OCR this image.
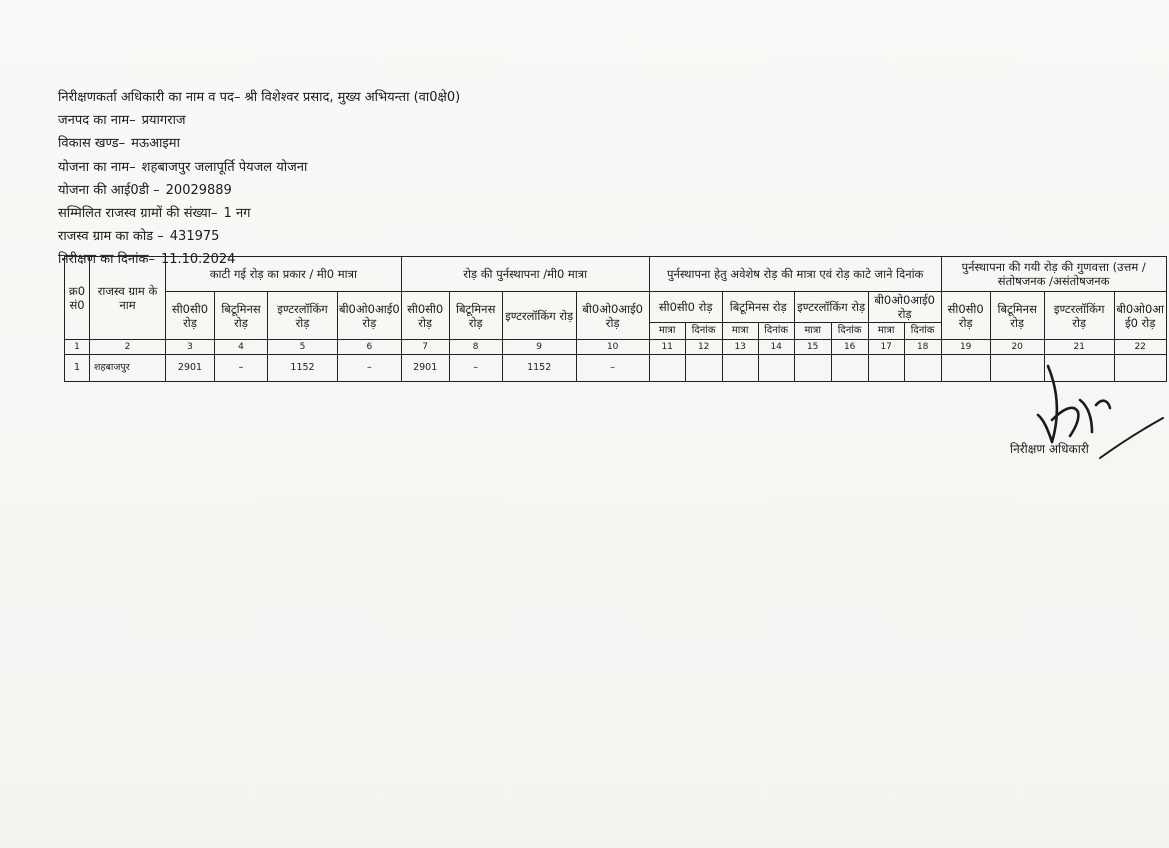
निरीक्षणकर्ता अधिकारी का नाम व पद– श्री विशेश्वर प्रसाद, मुख्य अभियन्ता (वा0क्षे0)
जनपद का नाम– प्रयागराज
विकास खण्ड– मऊआइमा
योजना का नाम– शहबाजपुर जलापूर्ति पेयजल योजना
योजना की आई0डी – 20029889
सम्मिलित राजस्व ग्रामों की संख्या– 1 नग
राजस्व ग्राम का कोड – 431975
निरीक्षण का दिनांक– 11.10.2024
क्र0 सं0	राजस्व ग्राम के नाम	काटी गई रोड़ का प्रकार / मी0 मात्रा				रोड़ की पुर्नस्थापना /मी0 मात्रा				पुर्नस्थापना हेतु अवेशेष रोड़ की मात्रा एवं रोड़ काटे जाने दिनांक								पुर्नस्थापना की गयी रोड़ की गुणवत्ता (उत्तम /संतोषजनक /असंतोषजनक			
		सी0सी0 रोड़	बिटूमिनस रोड़	इण्टरलॉकिंग रोड़	बी0ओ0आई0 रोड़	सी0सी0 रोड़	बिटूमिनस रोड़	इण्टरलॉकिंग रोड़	बी0ओ0आई0 रोड़	सी0सी0 रोड़		बिटूमिनस रोड़		इण्टरलॉकिंग रोड़		बी0ओ0आई0 रोड़		सी0सी0 रोड़	बिटूमिनस रोड़	इण्टरलॉकिंग रोड़	बी0ओ0आ ई0 रोड़
										मात्रा	दिनांक	मात्रा	दिनांक	मात्रा	दिनांक	मात्रा	दिनांक				
1	2	3	4	5	6	7	8	9	10	11	12	13	14	15	16	17	18	19	20	21	22
1	शहबाजपुर	2901	–	1152	–	2901	–	1152	–												
निरीक्षण अधिकारी
